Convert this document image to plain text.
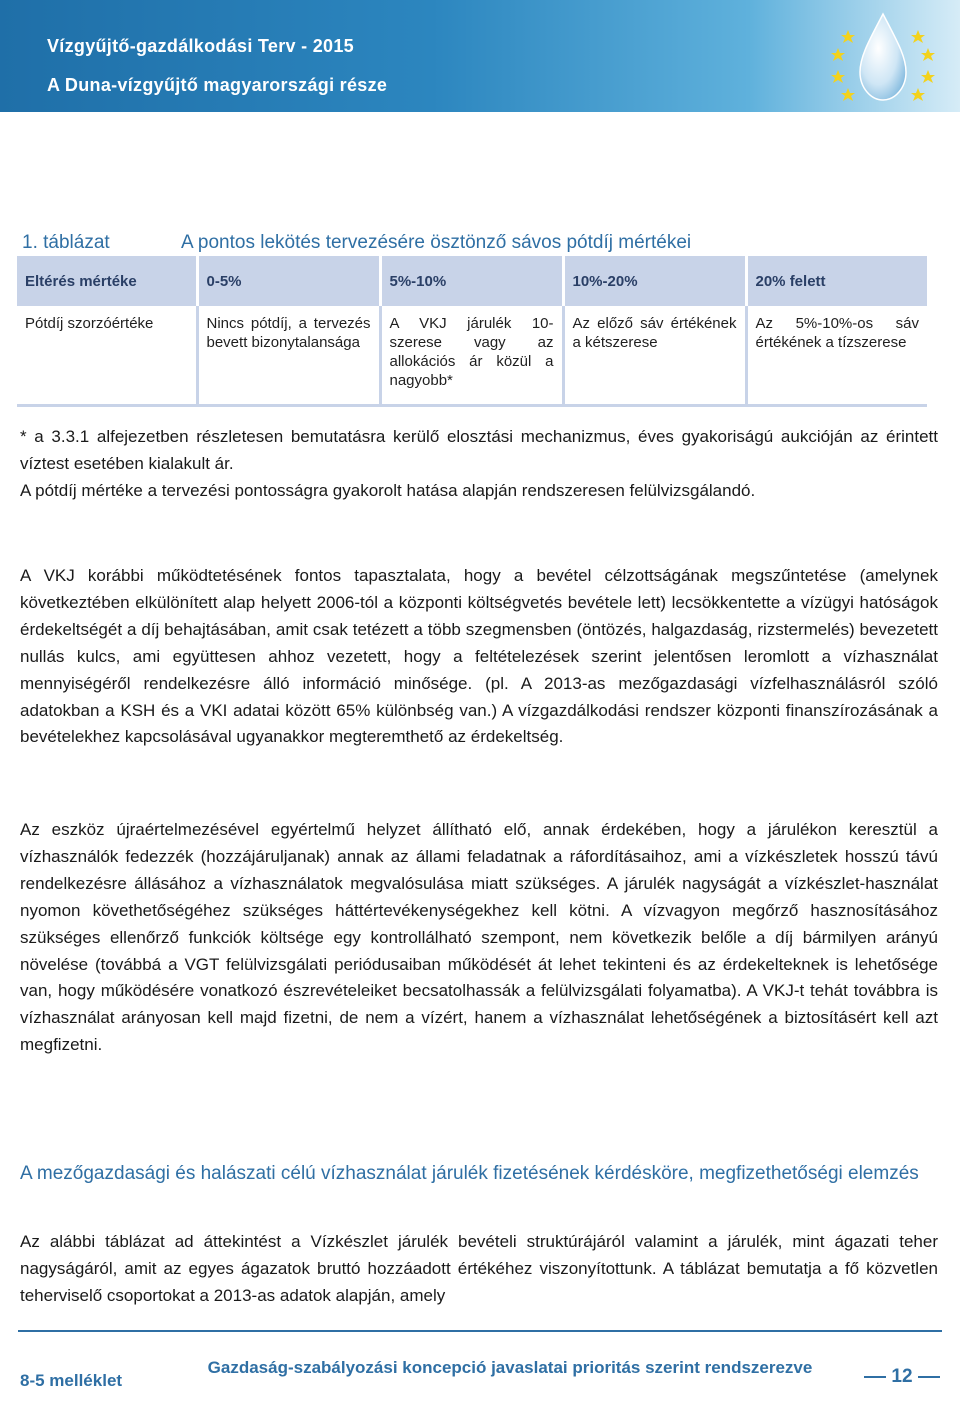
Vízgyűjtő-gazdálkodási Terv - 2015
A Duna-vízgyűjtő magyarországi része
1. táblázat	A pontos lekötés tervezésére ösztönző sávos pótdíj mértékei
Eltérés mértéke	0-5%	5%-10%	10%-20%	20% felett
Pótdíj szorzóértéke	Nincs pótdíj, a tervezés bevett bizonytalansága	A VKJ járulék 10-szerese vagy az allokációs ár közül a nagyobb*	Az előző sáv értékének a kétszerese	Az 5%-10%-os sáv értékének a tízszerese
* a 3.3.1 alfejezetben részletesen bemutatásra kerülő elosztási mechanizmus, éves gyakoriságú aukcióján az érintett víztest esetében kialakult ár.
A pótdíj mértéke a tervezési pontosságra gyakorolt hatása alapján rendszeresen felülvizsgálandó.
A VKJ korábbi működtetésének fontos tapasztalata, hogy a bevétel célzottságának megszűntetése (amelynek következtében elkülönített alap helyett 2006-tól a központi költségvetés bevétele lett) lecsökkentette a vízügyi hatóságok érdekeltségét a díj behajtásában, amit csak tetézett a több szegmensben (öntözés, halgazdaság, rizstermelés) bevezetett nullás kulcs, ami együttesen ahhoz vezetett, hogy a feltételezések szerint jelentősen leromlott a vízhasználat mennyiségéről rendelkezésre álló információ minősége. (pl. A 2013-as mezőgazdasági vízfelhasználásról szóló adatokban a KSH és a VKI adatai között 65% különbség van.) A vízgazdálkodási rendszer központi finanszírozásának a bevételekhez kapcsolásával ugyanakkor megteremthető az érdekeltség.
Az eszköz újraértelmezésével egyértelmű helyzet állítható elő, annak érdekében, hogy a járulékon keresztül a vízhasználók fedezzék (hozzájáruljanak) annak az állami feladatnak a ráfordításaihoz, ami a vízkészletek hosszú távú rendelkezésre állásához a vízhasználatok megvalósulása miatt szükséges. A járulék nagyságát a vízkészlet-használat nyomon követhetőségéhez szükséges háttértevékenységekhez kell kötni. A vízvagyon megőrző hasznosításához szükséges ellenőrző funkciók költsége egy kontrollálható szempont, nem következik belőle a díj bármilyen arányú növelése (továbbá a VGT felülvizsgálati periódusaiban működését át lehet tekinteni és az érdekelteknek is lehetősége van, hogy működésére vonatkozó észrevételeiket becsatolhassák a felülvizsgálati folyamatba). A VKJ-t tehát továbbra is vízhasználat arányosan kell majd fizetni, de nem a vízért, hanem a vízhasználat lehetőségének a biztosításért kell azt megfizetni.
A mezőgazdasági és halászati célú vízhasználat járulék fizetésének kérdésköre, megfizethetőségi elemzés
Az alábbi táblázat ad áttekintést a Vízkészlet járulék bevételi struktúrájáról valamint a járulék, mint ágazati teher nagyságáról, amit az egyes ágazatok bruttó hozzáadott értékéhez viszonyítottunk. A táblázat bemutatja a fő közvetlen teherviselő csoportokat a 2013-as adatok alapján, amely
8-5 melléklet
Gazdaság-szabályozási koncepció javaslatai prioritás szerint rendszerezve	12
